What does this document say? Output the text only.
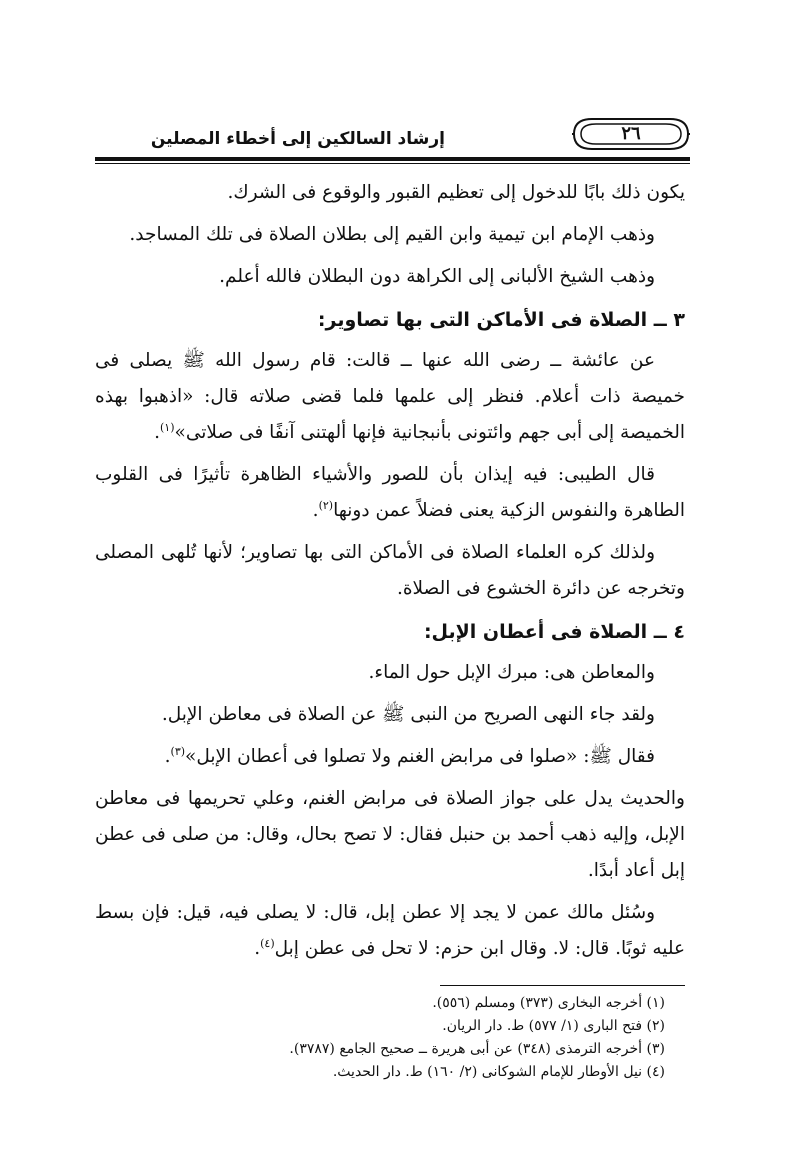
إرشاد السالكين إلى أخطاء المصلين	٢٦

يكون ذلك بابًا للدخول إلى تعظيم القبور والوقوع فى الشرك.

وذهب الإمام ابن تيمية وابن القيم إلى بطلان الصلاة فى تلك المساجد.

وذهب الشيخ الألبانى إلى الكراهة دون البطلان فالله أعلم.

٣ ــ الصلاة فى الأماكن التى بها تصاوير:

عن عائشة ــ رضى الله عنها ــ قالت: قام رسول الله ﷺ يصلى فى خميصة ذات أعلام. فنظر إلى علمها فلما قضى صلاته قال: «اذهبوا بهذه الخميصة إلى أبى جهم وائتونى بأنبجانية فإنها ألهتنى آنفًا فى صلاتى»$^{(١)}$.

قال الطيبى: فيه إيذان بأن للصور والأشياء الظاهرة تأثيرًا فى القلوب الطاهرة والنفوس الزكية يعنى فضلاً عمن دونها$^{(٢)}$.

ولذلك كره العلماء الصلاة فى الأماكن التى بها تصاوير؛ لأنها تُلهى المصلى وتخرجه عن دائرة الخشوع فى الصلاة.

٤ ــ الصلاة فى أعطان الإبل:

والمعاطن هى: مبرك الإبل حول الماء.

ولقد جاء النهى الصريح من النبى ﷺ عن الصلاة فى معاطن الإبل.

فقال ﷺ: «صلوا فى مرابض الغنم ولا تصلوا فى أعطان الإبل»$^{(٣)}$.

والحديث يدل على جواز الصلاة فى مرابض الغنم، وعلي تحريمها فى معاطن الإبل، وإليه ذهب أحمد بن حنبل فقال: لا تصح بحال، وقال: من صلى فى عطن إبل أعاد أبدًا.

وسُئل مالك عمن لا يجد إلا عطن إبل، قال: لا يصلى فيه، قيل: فإن بسط عليه ثوبًا. قال: لا. وقال ابن حزم: لا تحل فى عطن إبل$^{(٤)}$.

(١) أخرجه البخارى (٣٧٣) ومسلم (٥٥٦).
(٢) فتح البارى (١/ ٥٧٧) ط. دار الريان.
(٣) أخرجه الترمذى (٣٤٨) عن أبى هريرة ــ صحيح الجامع (٣٧٨٧).
(٤) نيل الأوطار للإمام الشوكانى (٢/ ١٦٠) ط. دار الحديث.
